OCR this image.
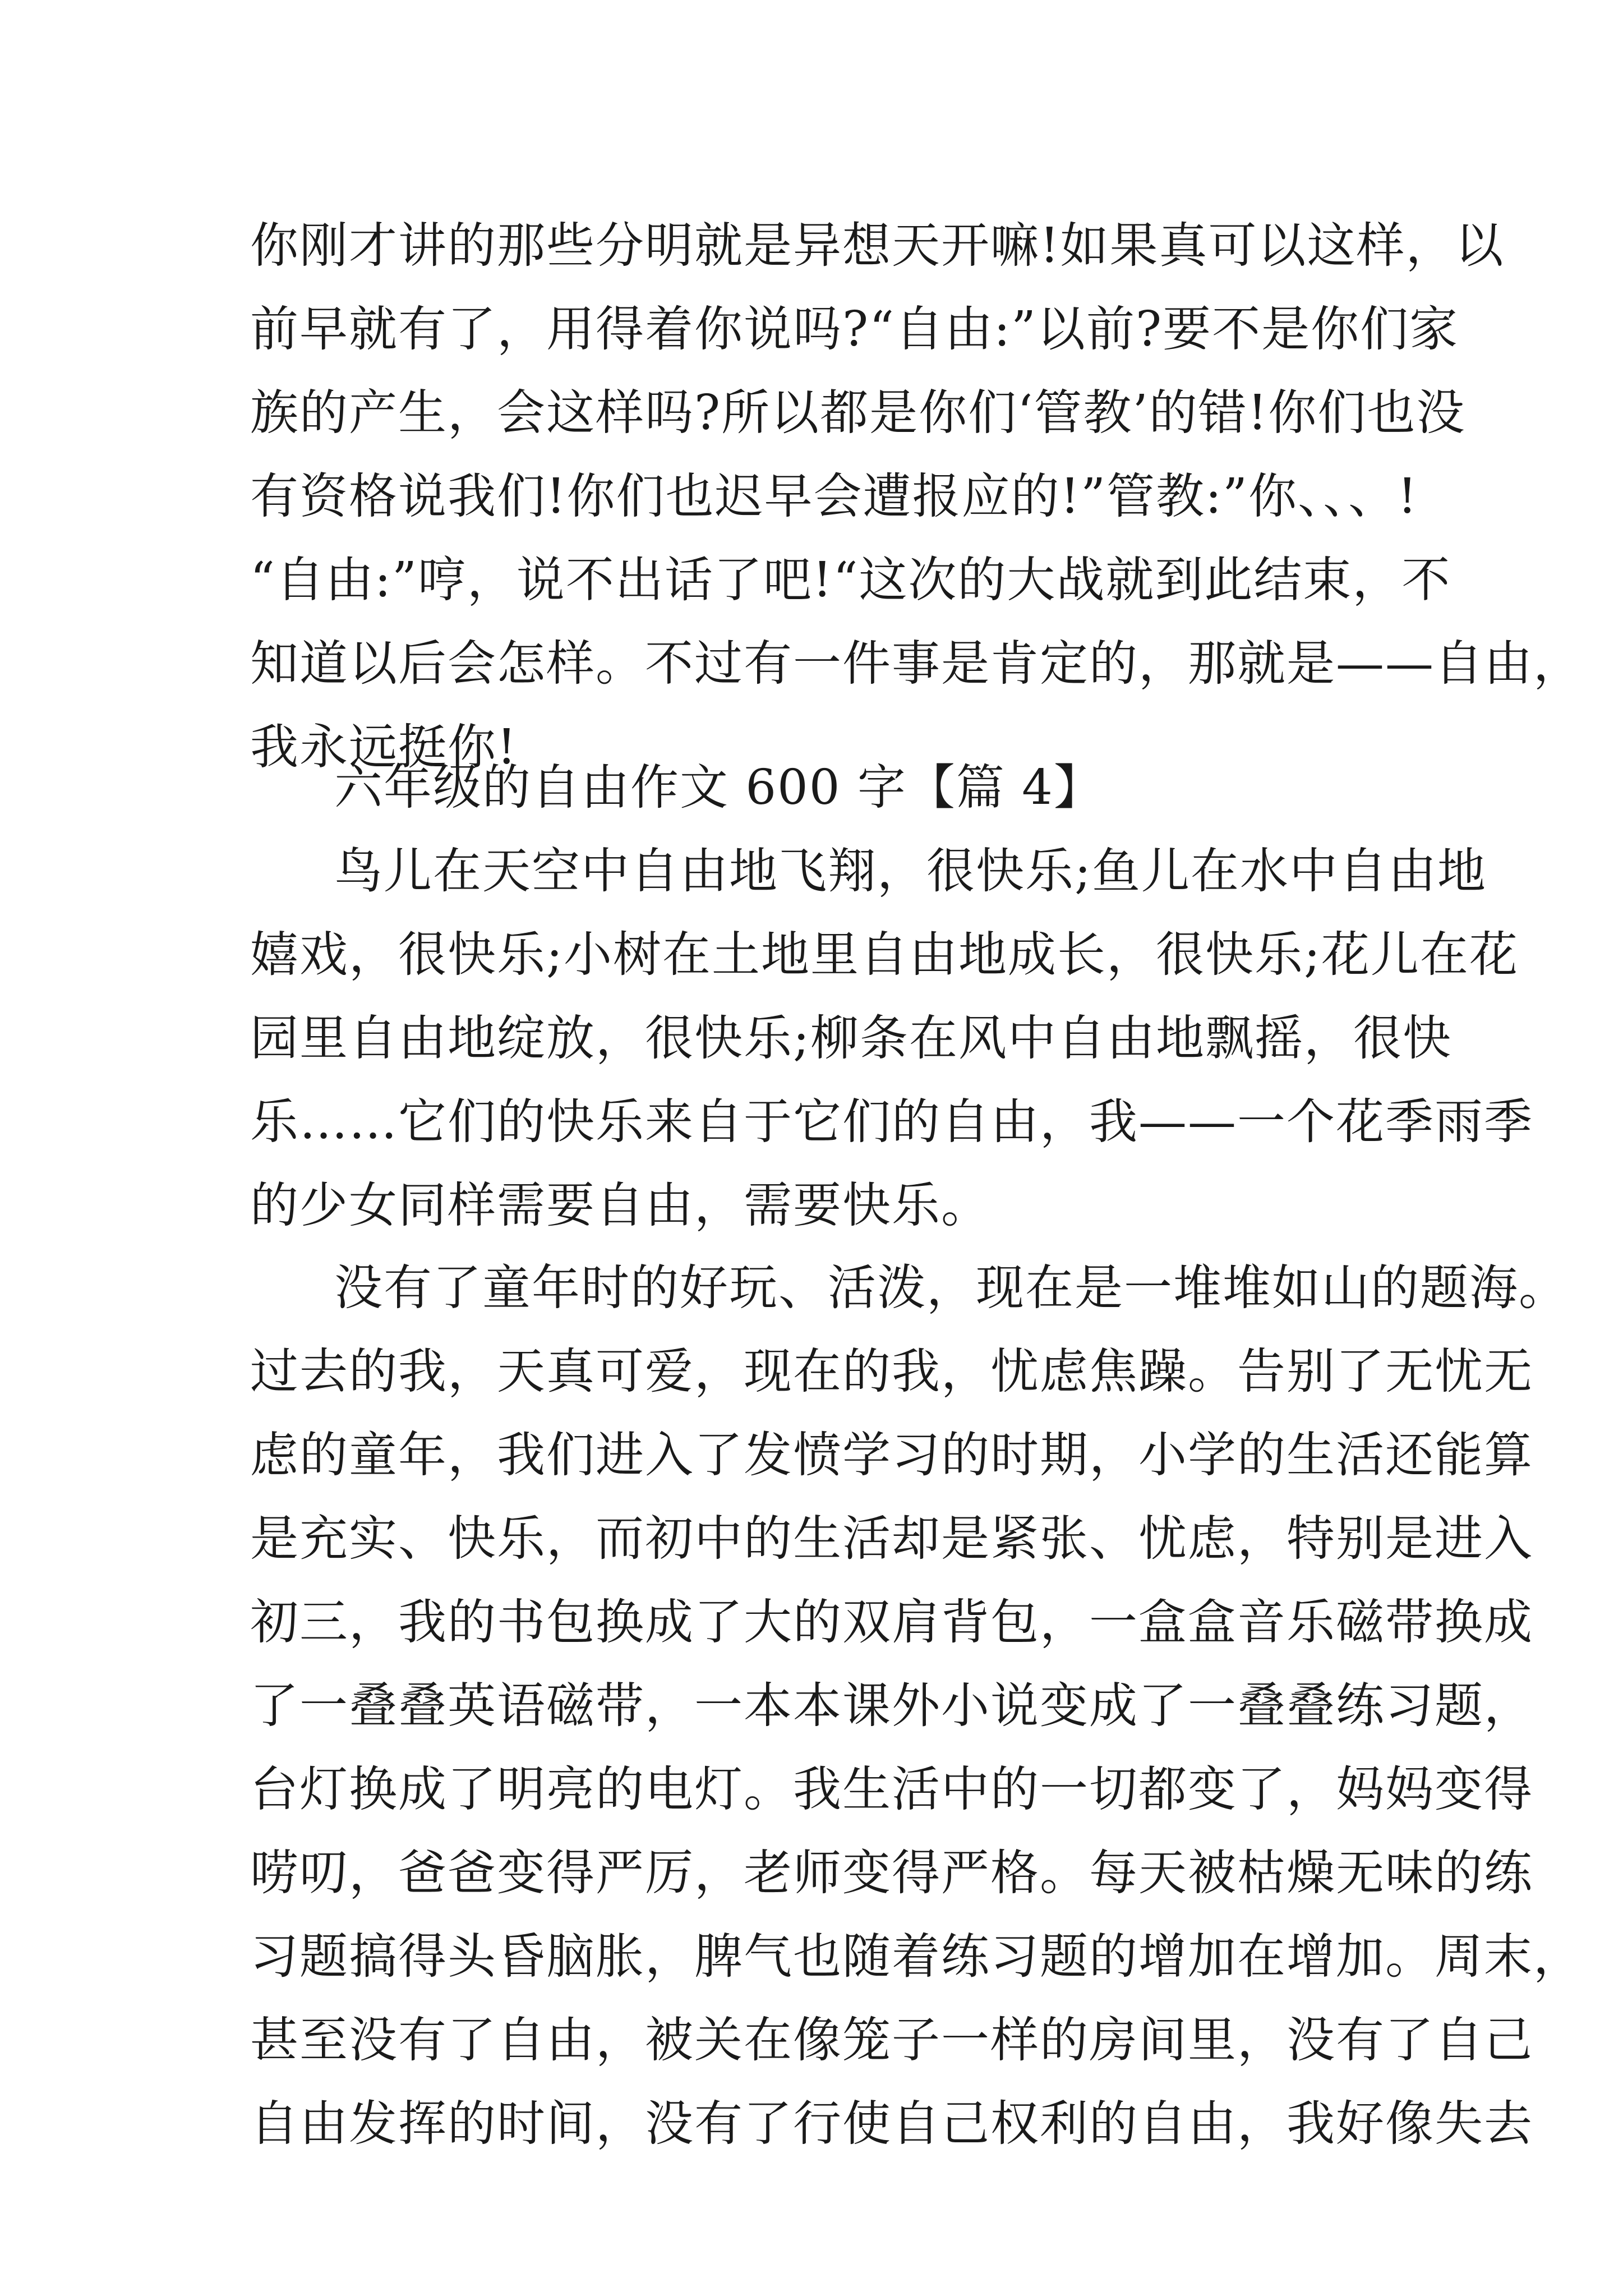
你刚才讲的那些分明就是异想天开嘛!如果真可以这样，以
前早就有了，用得着你说吗?“自由:”以前?要不是你们家
族的产生，会这样吗?所以都是你们‘管教’的错!你们也没
有资格说我们!你们也迟早会遭报应的!”管教:”你、、、!
“自由:”哼，说不出话了吧!“这次的大战就到此结束，不
知道以后会怎样。不过有一件事是肯定的，那就是——自由，
我永远挺你!
六年级的自由作文 600 字【篇 4】
鸟儿在天空中自由地飞翔，很快乐;鱼儿在水中自由地
嬉戏，很快乐;小树在土地里自由地成长，很快乐;花儿在花
园里自由地绽放，很快乐;柳条在风中自由地飘摇，很快
乐……它们的快乐来自于它们的自由，我——一个花季雨季
的少女同样需要自由，需要快乐。
没有了童年时的好玩、活泼，现在是一堆堆如山的题海。
过去的我，天真可爱，现在的我，忧虑焦躁。告别了无忧无
虑的童年，我们进入了发愤学习的时期，小学的生活还能算
是充实、快乐，而初中的生活却是紧张、忧虑，特别是进入
初三，我的书包换成了大的双肩背包，一盒盒音乐磁带换成
了一叠叠英语磁带，一本本课外小说变成了一叠叠练习题，
台灯换成了明亮的电灯。我生活中的一切都变了，妈妈变得
唠叨，爸爸变得严厉，老师变得严格。每天被枯燥无味的练
习题搞得头昏脑胀，脾气也随着练习题的增加在增加。周末，
甚至没有了自由，被关在像笼子一样的房间里，没有了自己
自由发挥的时间，没有了行使自己权利的自由，我好像失去
